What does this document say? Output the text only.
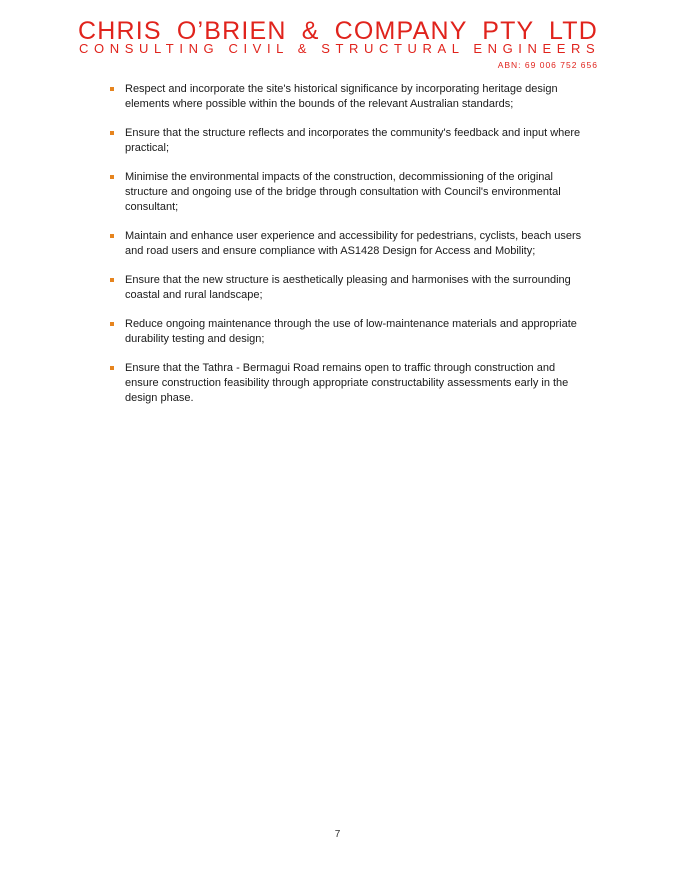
CHRIS O’BRIEN & COMPANY PTY LTD
CONSULTING CIVIL & STRUCTURAL ENGINEERS
ABN: 69 006 752 656
Respect and incorporate the site's historical significance by incorporating heritage design elements where possible within the bounds of the relevant Australian standards;
Ensure that the structure reflects and incorporates the community's feedback and input where practical;
Minimise the environmental impacts of the construction, decommissioning of the original structure and ongoing use of the bridge through consultation with Council's environmental consultant;
Maintain and enhance user experience and accessibility for pedestrians, cyclists, beach users and road users and ensure compliance with AS1428 Design for Access and Mobility;
Ensure that the new structure is aesthetically pleasing and harmonises with the surrounding coastal and rural landscape;
Reduce ongoing maintenance through the use of low-maintenance materials and appropriate durability testing and design;
Ensure that the Tathra - Bermagui Road remains open to traffic through construction and ensure construction feasibility through appropriate constructability assessments early in the design phase.
7
